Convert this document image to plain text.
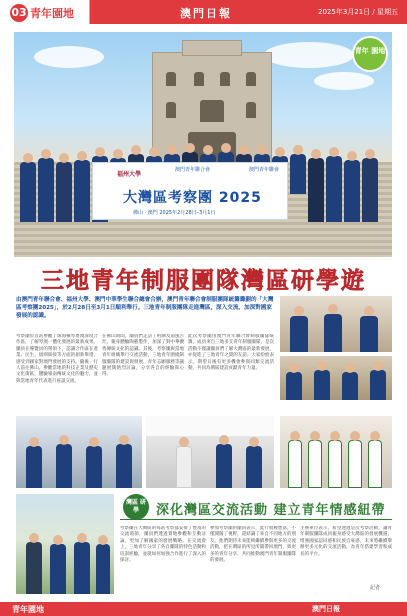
03 青年園地	澳門日報	2025年3月21日 / 星期五
青年 園地
福州大學
澳門青年聯合會	澳門青年聯會
大灣區考察團 2025
佛山 · 澳門 2025年2月28日–3月1日
三地青年制服團隊灣區研學遊
由澳門青年聯合會、福州大學、澳門中華學生聯合總會合辦，澳門青年聯合會制服團隊統籌籌劃的「大灣區考察團2025」，於2月28日至3月1日順利舉行。三地青年制服團隊走進灣區，深入交流，加深對國家發展的認識。
考察團於首站參觀了珠海橫琴粵澳深度合作區，了解琴澳一體化發展的最新成果。團員在導覽員的帶領下，認識合作區在產業、民生、規則銜接等方面的創新舉措，感受到國家對澳門發展的支持。隨後一行人前往佛山，參觀當地的科技企業及歷史文化街區，體驗嶺南傳統文化的魅力，並與當地青年代表進行座談交流。
在佛山期間，團員們走訪了祖廟及南風古灶，親身體驗陶藝製作，加深了對中華優秀傳統文化的認識。其後，考察團與當地青年組織舉行交流活動，三地青年圍繞制服團隊的建設與發展、青年志願服務等議題展開熱烈討論，分享各自的經驗與心得。
此次考察團由澳門青年聯合會制服團隊統籌，成員來自三地多支青年制服團隊。是次活動不僅讓團員們了解大灣區的最新發展，亦促進了三地青年之間的友誼。大家紛紛表示，期望日後有更多機會參與同類交流活動，共同為灣區建設貢獻青年力量。
灣區 研學	深化灣區交流活動 建立青年情感紐帶
考察團在大灣區的每站考察都安排了豐富的交流環節，團員們透過實地參觀和互動討論，更加了解國家的發展戰略。在交流會上，三地青年分享了各自團隊的特色活動和培訓經驗，並就如何加強合作進行了深入的探討。
參加考察團的團員表示，此行收穫豐富，不僅開闊了視野，還結識了來自不同地方的朋友。他們期待未來能夠繼續參與更多的交流活動，把在灣區的所見所聞帶回澳門，與更多的青年分享，共同推動澳門青年制服團隊的發展。
主辦單位表示，希望透過是次考察活動，讓青年制服團隊成員親身感受大灣區的發展機遇，增強國家認同感和民族自豪感，未來將繼續舉辦更多元化的交流活動，為青年搭建學習和成長的平台。
記者
青年園地	澳門日報
